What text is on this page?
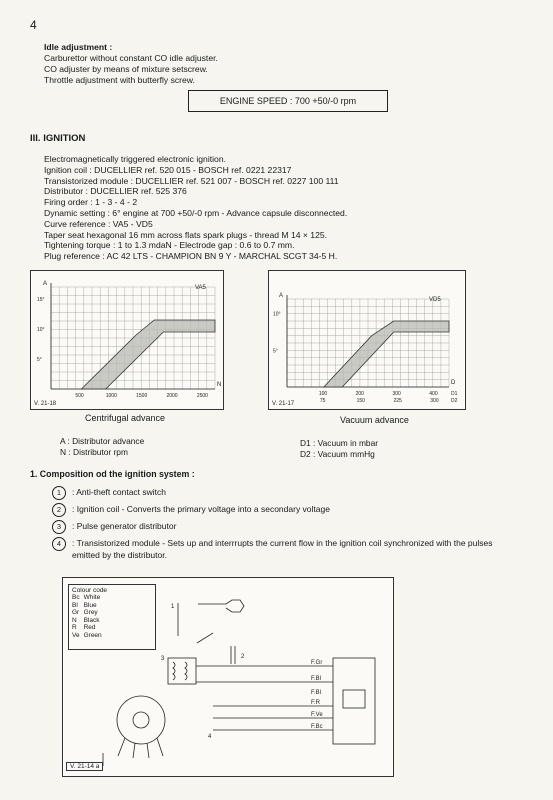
4
Idle adjustment :
Carburettor without constant CO idle adjuster.
CO adjuster by means of mixture setscrew.
Throttle adjustment with butterfly screw.
ENGINE SPEED : 700 +50/-0 rpm
III. IGNITION
Electromagnetically triggered electronic ignition.
Ignition coil : DUCELLIER ref. 520 015 - BOSCH ref. 0221 22317
Transistorized module : DUCELLIER ref. 521 007 - BOSCH ref. 0227 100 111
Distributor : DUCELLIER ref. 525 376
Firing order : 1 - 3 - 4 - 2
Dynamic setting : 6° engine at 700 +50/-0 rpm - Advance capsule disconnected.
Curve reference : VA5 - VD5
Taper seat hexagonal 16 mm across flats spark plugs - thread M 14 × 125.
Tightening torque : 1 to 1.3 mdaN - Electrode gap : 0.6 to 0.7 mm.
Plug reference : AC 42 LTS - CHAMPION BN 9 Y - MARCHAL SCGT 34-5 H.
A
N
VA5
5°
10°
15°
500	1000	1500	2000	2500
V. 21-18
Centrifugal advance
A
D
VD5
5°
10°
100
75
200
150
300
225
400
300
D1
D2
V. 21-17
Vacuum advance
A : Distributor advance
N : Distributor rpm
D1 : Vacuum in mbar
D2 : Vacuum mmHg
1. Composition od the ignition system :
1	: Anti-theft contact switch
2	: Ignition coil - Converts the primary voltage into a secondary voltage
3	: Pulse generator distributor
4	: Transistorized module - Sets up and interrrupts the current flow in the ignition coil synchronized with the pulses emitted by the distributor.
Colour code
Bc	White
Bl	Blue
Gr	Grey
N	Black
R	Red
Ve	Green
1
2
3
4
F.Gr
F.Bl
F.Bl
F.R
F.Ve
F.Bc
V. 21-14 a
